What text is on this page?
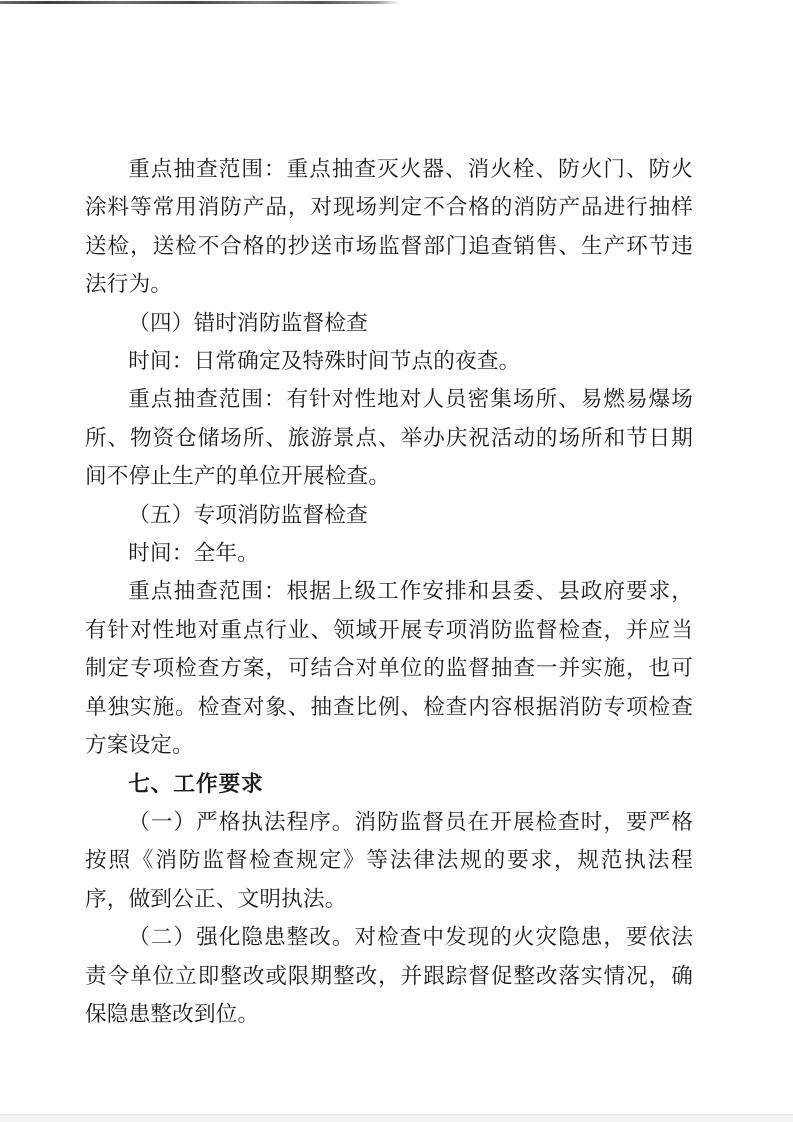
重点抽查范围：重点抽查灭火器、消火栓、防火门、防火涂料等常用消防产品，对现场判定不合格的消防产品进行抽样送检，送检不合格的抄送市场监督部门追查销售、生产环节违法行为。

（四）错时消防监督检查

时间：日常确定及特殊时间节点的夜查。

重点抽查范围：有针对性地对人员密集场所、易燃易爆场所、物资仓储场所、旅游景点、举办庆祝活动的场所和节日期间不停止生产的单位开展检查。

（五）专项消防监督检查

时间：全年。

重点抽查范围：根据上级工作安排和县委、县政府要求，有针对性地对重点行业、领域开展专项消防监督检查，并应当制定专项检查方案，可结合对单位的监督抽查一并实施，也可单独实施。检查对象、抽查比例、检查内容根据消防专项检查方案设定。

七、工作要求

（一）严格执法程序。消防监督员在开展检查时，要严格按照《消防监督检查规定》等法律法规的要求，规范执法程序，做到公正、文明执法。

（二）强化隐患整改。对检查中发现的火灾隐患，要依法责令单位立即整改或限期整改，并跟踪督促整改落实情况，确保隐患整改到位。
